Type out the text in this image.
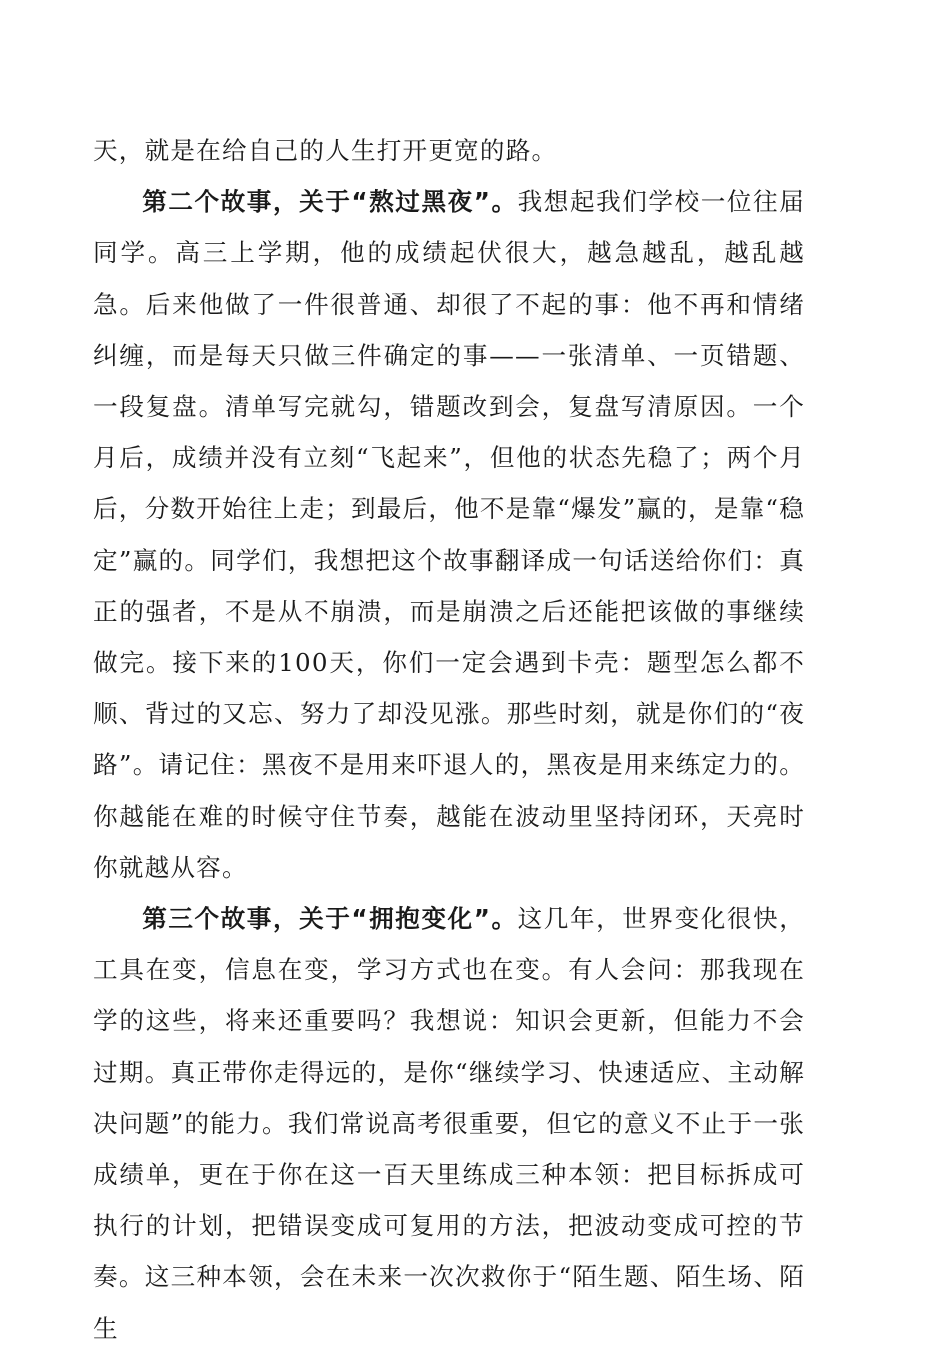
天，就是在给自己的人生打开更宽的路。

第二个故事，关于“熬过黑夜”。我想起我们学校一位往届同学。高三上学期，他的成绩起伏很大，越急越乱，越乱越急。后来他做了一件很普通、却很了不起的事：他不再和情绪纠缠，而是每天只做三件确定的事——一张清单、一页错题、一段复盘。清单写完就勾，错题改到会，复盘写清原因。一个月后，成绩并没有立刻“飞起来”，但他的状态先稳了；两个月后，分数开始往上走；到最后，他不是靠“爆发”赢的，是靠“稳定”赢的。同学们，我想把这个故事翻译成一句话送给你们：真正的强者，不是从不崩溃，而是崩溃之后还能把该做的事继续做完。接下来的100天，你们一定会遇到卡壳：题型怎么都不顺、背过的又忘、努力了却没见涨。那些时刻，就是你们的“夜路”。请记住：黑夜不是用来吓退人的，黑夜是用来练定力的。你越能在难的时候守住节奏，越能在波动里坚持闭环，天亮时你就越从容。

第三个故事，关于“拥抱变化”。这几年，世界变化很快，工具在变，信息在变，学习方式也在变。有人会问：那我现在学的这些，将来还重要吗？我想说：知识会更新，但能力不会过期。真正带你走得远的，是你“继续学习、快速适应、主动解决问题”的能力。我们常说高考很重要，但它的意义不止于一张成绩单，更在于你在这一百天里练成三种本领：把目标拆成可执行的计划，把错误变成可复用的方法，把波动变成可控的节奏。这三种本领，会在未来一次次救你于“陌生题、陌生场、陌生
